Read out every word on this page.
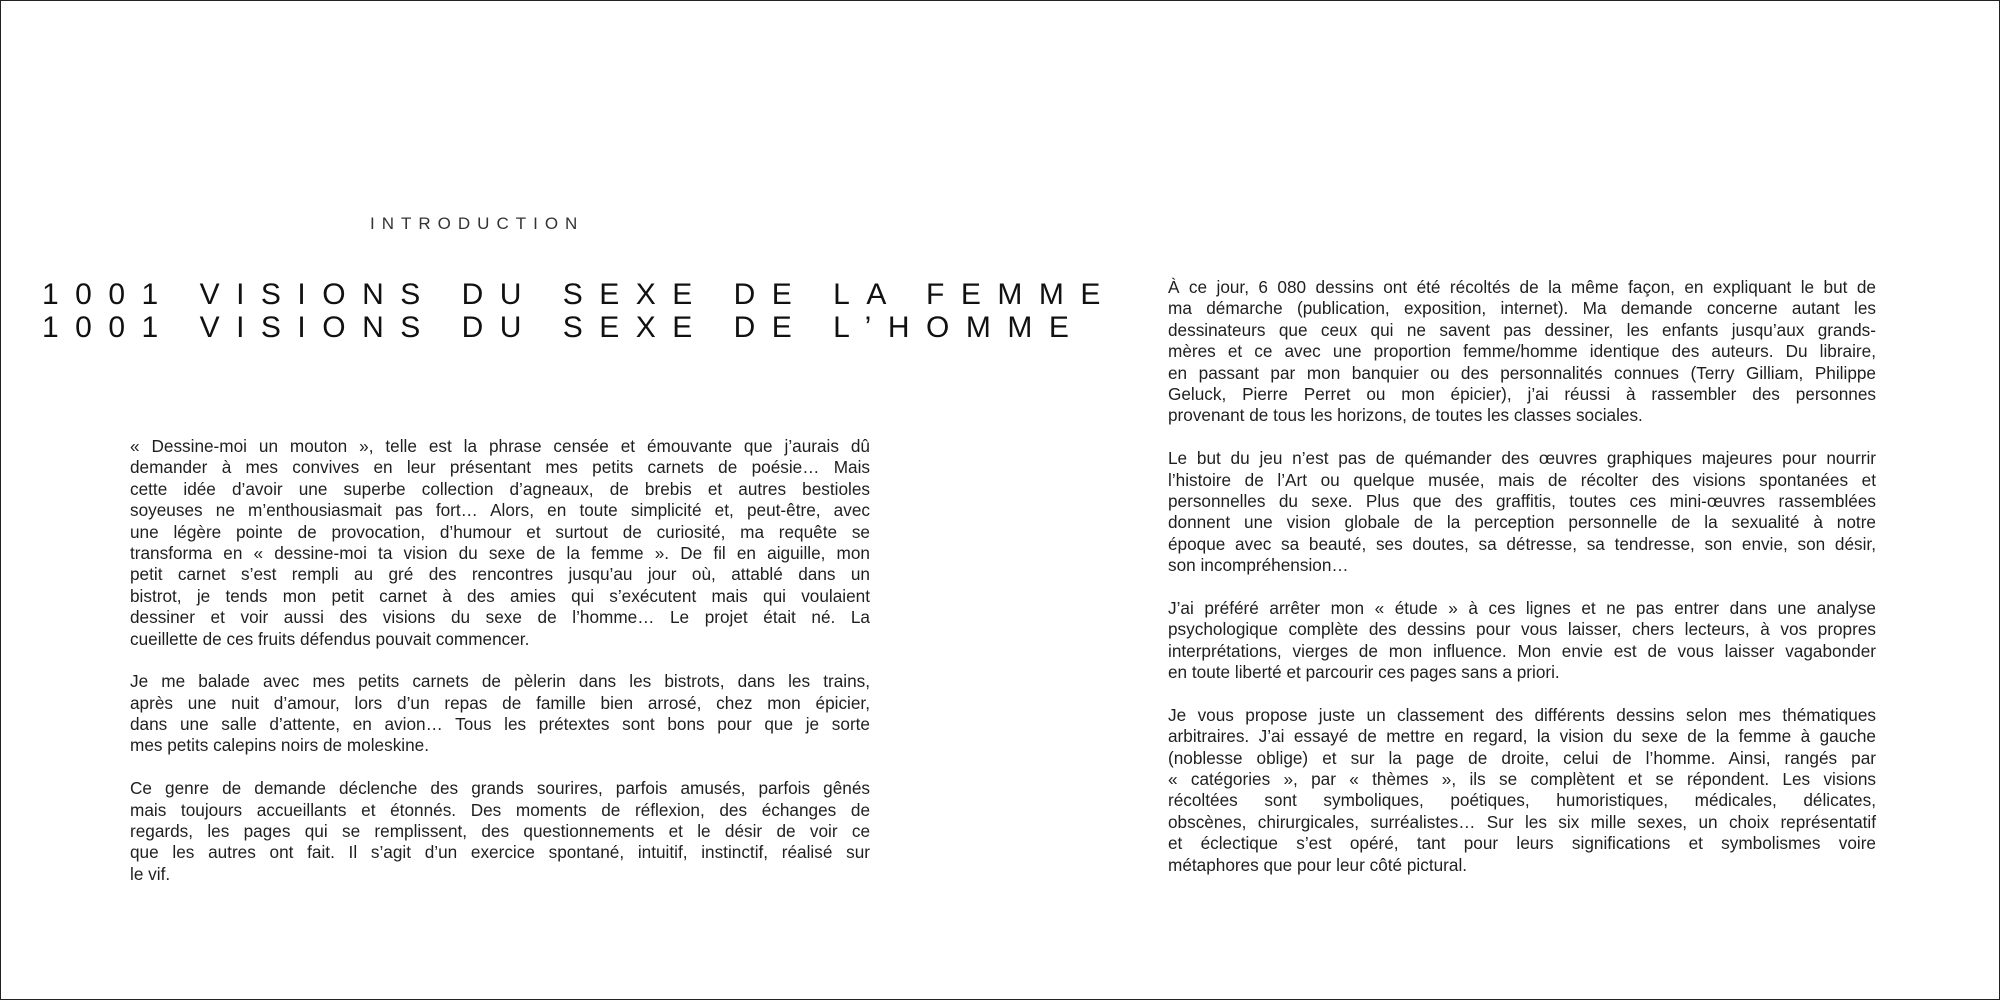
INTRODUCTION
1001 VISIONS DU SEXE DE LA FEMME
1001 VISIONS DU SEXE DE L’HOMME
« Dessine-moi un mouton », telle est la phrase censée et émouvante que j’aurais dû
demander à mes convives en leur présentant mes petits carnets de poésie… Mais
cette idée d’avoir une superbe collection d’agneaux, de brebis et autres bestioles
soyeuses ne m’enthousiasmait pas fort… Alors, en toute simplicité et, peut-être, avec
une légère pointe de provocation, d’humour et surtout de curiosité, ma requête se
transforma en « dessine-moi ta vision du sexe de la femme ». De fil en aiguille, mon
petit carnet s’est rempli au gré des rencontres jusqu’au jour où, attablé dans un
bistrot, je tends mon petit carnet à des amies qui s’exécutent mais qui voulaient
dessiner et voir aussi des visions du sexe de l’homme… Le projet était né. La
cueillette de ces fruits défendus pouvait commencer.
Je me balade avec mes petits carnets de pèlerin dans les bistrots, dans les trains,
après une nuit d’amour, lors d’un repas de famille bien arrosé, chez mon épicier,
dans une salle d’attente, en avion… Tous les prétextes sont bons pour que je sorte
mes petits calepins noirs de moleskine.
Ce genre de demande déclenche des grands sourires, parfois amusés, parfois gênés
mais toujours accueillants et étonnés. Des moments de réflexion, des échanges de
regards, les pages qui se remplissent, des questionnements et le désir de voir ce
que les autres ont fait. Il s’agit d’un exercice spontané, intuitif, instinctif, réalisé sur
le vif.
À ce jour, 6 080 dessins ont été récoltés de la même façon, en expliquant le but de
ma démarche (publication, exposition, internet). Ma demande concerne autant les
dessinateurs que ceux qui ne savent pas dessiner, les enfants jusqu’aux grands-
mères et ce avec une proportion femme/homme identique des auteurs. Du libraire,
en passant par mon banquier ou des personnalités connues (Terry Gilliam, Philippe
Geluck, Pierre Perret ou mon épicier), j’ai réussi à rassembler des personnes
provenant de tous les horizons, de toutes les classes sociales.
Le but du jeu n’est pas de quémander des œuvres graphiques majeures pour nourrir
l’histoire de l’Art ou quelque musée, mais de récolter des visions spontanées et
personnelles du sexe. Plus que des graffitis, toutes ces mini-œuvres rassemblées
donnent une vision globale de la perception personnelle de la sexualité à notre
époque avec sa beauté, ses doutes, sa détresse, sa tendresse, son envie, son désir,
son incompréhension…
J’ai préféré arrêter mon « étude » à ces lignes et ne pas entrer dans une analyse
psychologique complète des dessins pour vous laisser, chers lecteurs, à vos propres
interprétations, vierges de mon influence. Mon envie est de vous laisser vagabonder
en toute liberté et parcourir ces pages sans a priori.
Je vous propose juste un classement des différents dessins selon mes thématiques
arbitraires. J’ai essayé de mettre en regard, la vision du sexe de la femme à gauche
(noblesse oblige) et sur la page de droite, celui de l’homme. Ainsi, rangés par
« catégories », par « thèmes », ils se complètent et se répondent. Les visions
récoltées sont symboliques, poétiques, humoristiques, médicales, délicates,
obscènes, chirurgicales, surréalistes… Sur les six mille sexes, un choix représentatif
et éclectique s’est opéré, tant pour leurs significations et symbolismes voire
métaphores que pour leur côté pictural.
